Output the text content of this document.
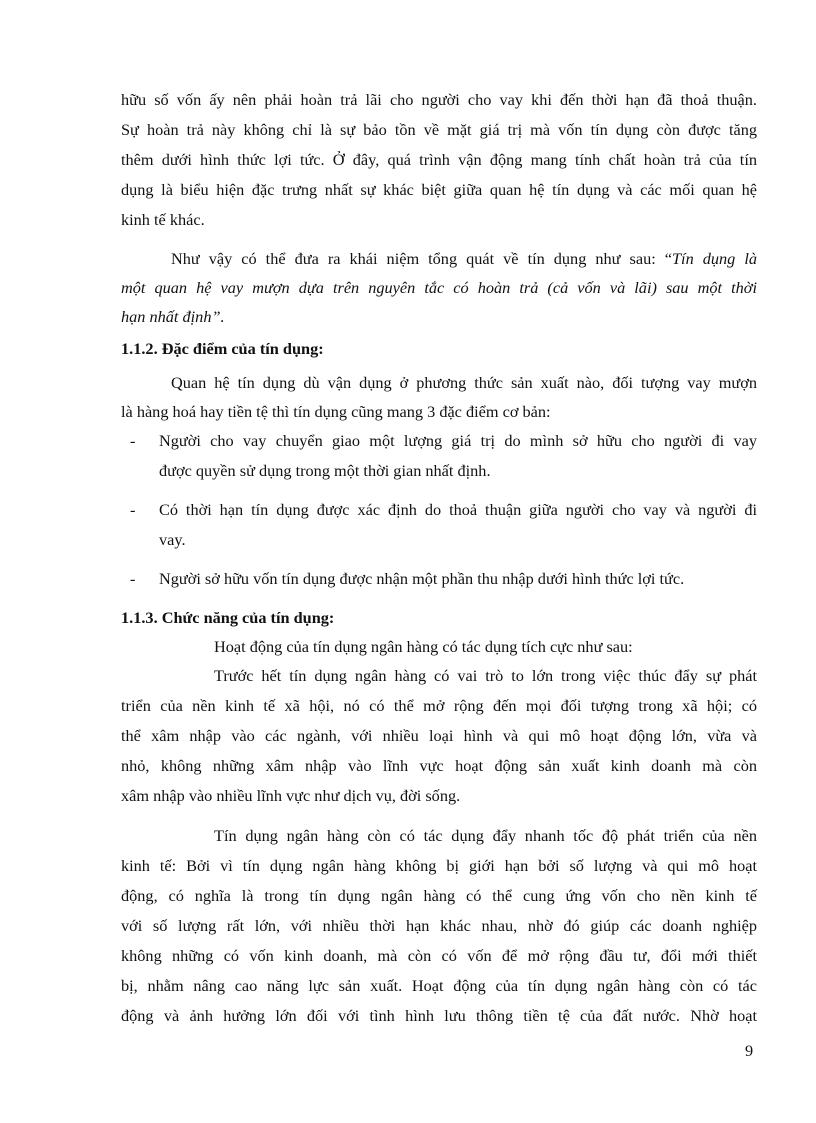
hữu số vốn ấy nên phải hoàn trả lãi cho người cho vay khi đến thời hạn đã thoả thuận.
Sự hoàn trả này không chỉ là sự bảo tồn về mặt giá trị mà vốn tín dụng còn được tăng
thêm dưới hình thức lợi tức. Ở đây, quá trình vận động mang tính chất hoàn trả của tín
dụng là biểu hiện đặc trưng nhất sự khác biệt giữa quan hệ tín dụng và các mối quan hệ
kinh tế khác.
Như vậy có thể đưa ra khái niệm tổng quát về tín dụng như sau: “Tín dụng là
một quan hệ vay mượn dựa trên nguyên tắc có hoàn trả (cả vốn và lãi) sau một thời
hạn nhất định”.
1.1.2. Đặc điểm của tín dụng:
Quan hệ tín dụng dù vận dụng ở phương thức sản xuất nào, đối tượng vay mượn
là hàng hoá hay tiền tệ thì tín dụng cũng mang 3 đặc điểm cơ bản:
- Người cho vay chuyển giao một lượng giá trị do mình sở hữu cho người đi vay
được quyền sử dụng trong một thời gian nhất định.
- Có thời hạn tín dụng được xác định do thoả thuận giữa người cho vay và người đi
vay.
- Người sở hữu vốn tín dụng được nhận một phần thu nhập dưới hình thức lợi tức.
1.1.3. Chức năng của tín dụng:
Hoạt động của tín dụng ngân hàng có tác dụng tích cực như sau:
Trước hết tín dụng ngân hàng có vai trò to lớn trong việc thúc đẩy sự phát
triển của nền kinh tế xã hội, nó có thể mở rộng đến mọi đối tượng trong xã hội; có
thể xâm nhập vào các ngành, với nhiều loại hình và qui mô hoạt động lớn, vừa và
nhỏ, không những xâm nhập vào lĩnh vực hoạt động sản xuất kinh doanh mà còn
xâm nhập vào nhiều lĩnh vực như dịch vụ, đời sống.
Tín dụng ngân hàng còn có tác dụng đẩy nhanh tốc độ phát triển của nền
kinh tế: Bởi vì tín dụng ngân hàng không bị giới hạn bởi số lượng và qui mô hoạt
động, có nghĩa là trong tín dụng ngân hàng có thể cung ứng vốn cho nền kinh tế
với số lượng rất lớn, với nhiều thời hạn khác nhau, nhờ đó giúp các doanh nghiệp
không những có vốn kinh doanh, mà còn có vốn để mở rộng đầu tư, đổi mới thiết
bị, nhằm nâng cao năng lực sản xuất. Hoạt động của tín dụng ngân hàng còn có tác
động và ảnh hưởng lớn đối với tình hình lưu thông tiền tệ của đất nước. Nhờ hoạt
9
